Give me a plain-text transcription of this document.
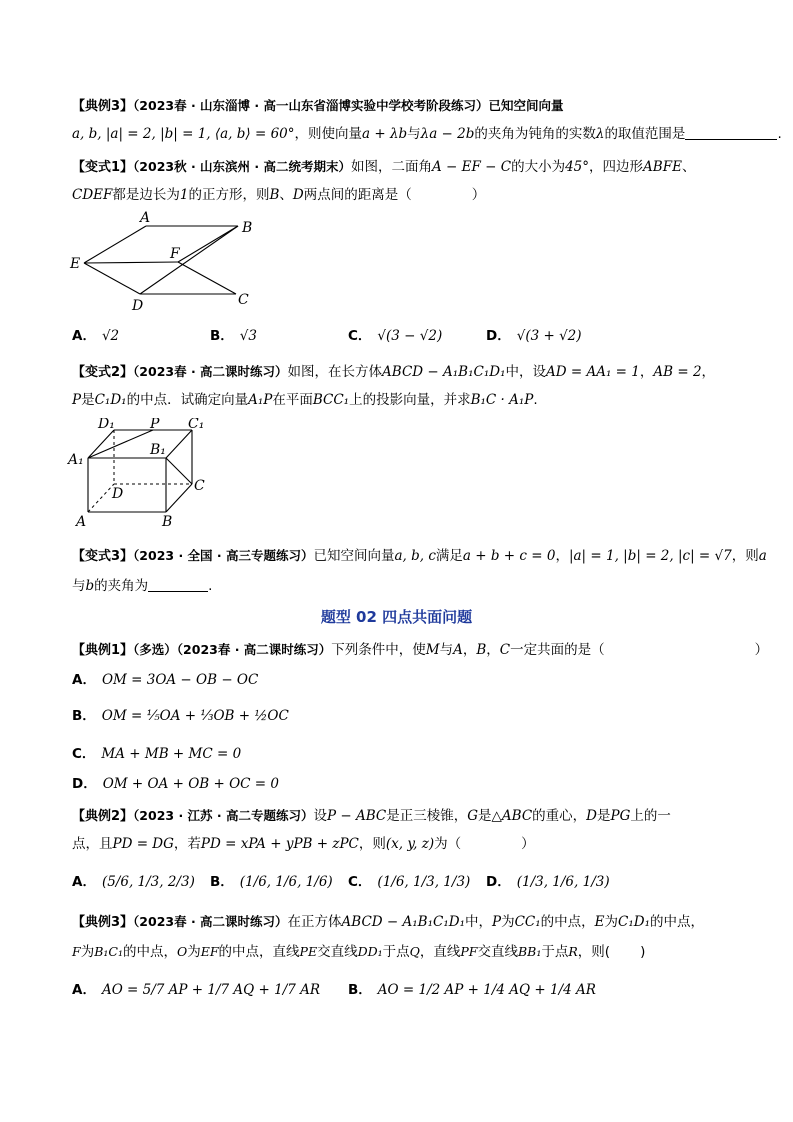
【典例3】（2023春 · 山东淄博 · 高一山东省淄博实验中学校考阶段练习）已知空间向量
a, b, |a| = 2, |b| = 1, ⟨a, b⟩ = 60°，则使向量a + λb与λa − 2b的夹角为钝角的实数λ的取值范围是	.
【变式1】（2023秋 · 山东滨州 · 高二统考期末）如图，二面角A − EF − C的大小为45°，四边形ABFE、
CDEF都是边长为1的正方形，则B、D两点间的距离是（	）
A
B
E
F
D	C
A． √2	B． √3	C． √(3 − √2)	D． √(3 + √2)
【变式2】（2023春 · 高二课时练习）如图，在长方体ABCD − A₁B₁C₁D₁中，设AD = AA₁ = 1，AB = 2，
P是C₁D₁的中点．试确定向量A₁P在平面BCC₁上的投影向量，并求B₁C · A₁P.
D₁	P C₁
A₁
B₁
D	C
A	B
【变式3】（2023 · 全国 · 高三专题练习）已知空间向量a, b, c满足a + b + c = 0，|a| = 1, |b| = 2, |c| = √7，则a
与b的夹角为	.
题型 02 四点共面问题
【典例1】（多选）（2023春 · 高二课时练习）下列条件中，使M与A，B，C一定共面的是（	）
A． OM = 3OA − OB − OC
B． OM = ⅕OA + ⅓OB + ½OC
C． MA + MB + MC = 0
D． OM + OA + OB + OC = 0
【典例2】（2023 · 江苏 · 高二专题练习）设P − ABC是正三棱锥，G是△ABC的重心，D是PG上的一
点，且PD = DG，若PD = xPA + yPB + zPC，则(x, y, z)为（	）
A． (5/6, 1/3, 2/3) B． (1/6, 1/6, 1/6) C． (1/6, 1/3, 1/3) D． (1/3, 1/6, 1/3)
【典例3】（2023春 · 高二课时练习）在正方体ABCD − A₁B₁C₁D₁中，P为CC₁的中点，E为C₁D₁的中点，
F为B₁C₁的中点，O为EF的中点，直线PE交直线DD₁于点Q，直线PF交直线BB₁于点R，则( )
A． AO = 5/7 AP + 1/7 AQ + 1/7 AR B． AO = 1/2 AP + 1/4 AQ + 1/4 AR
